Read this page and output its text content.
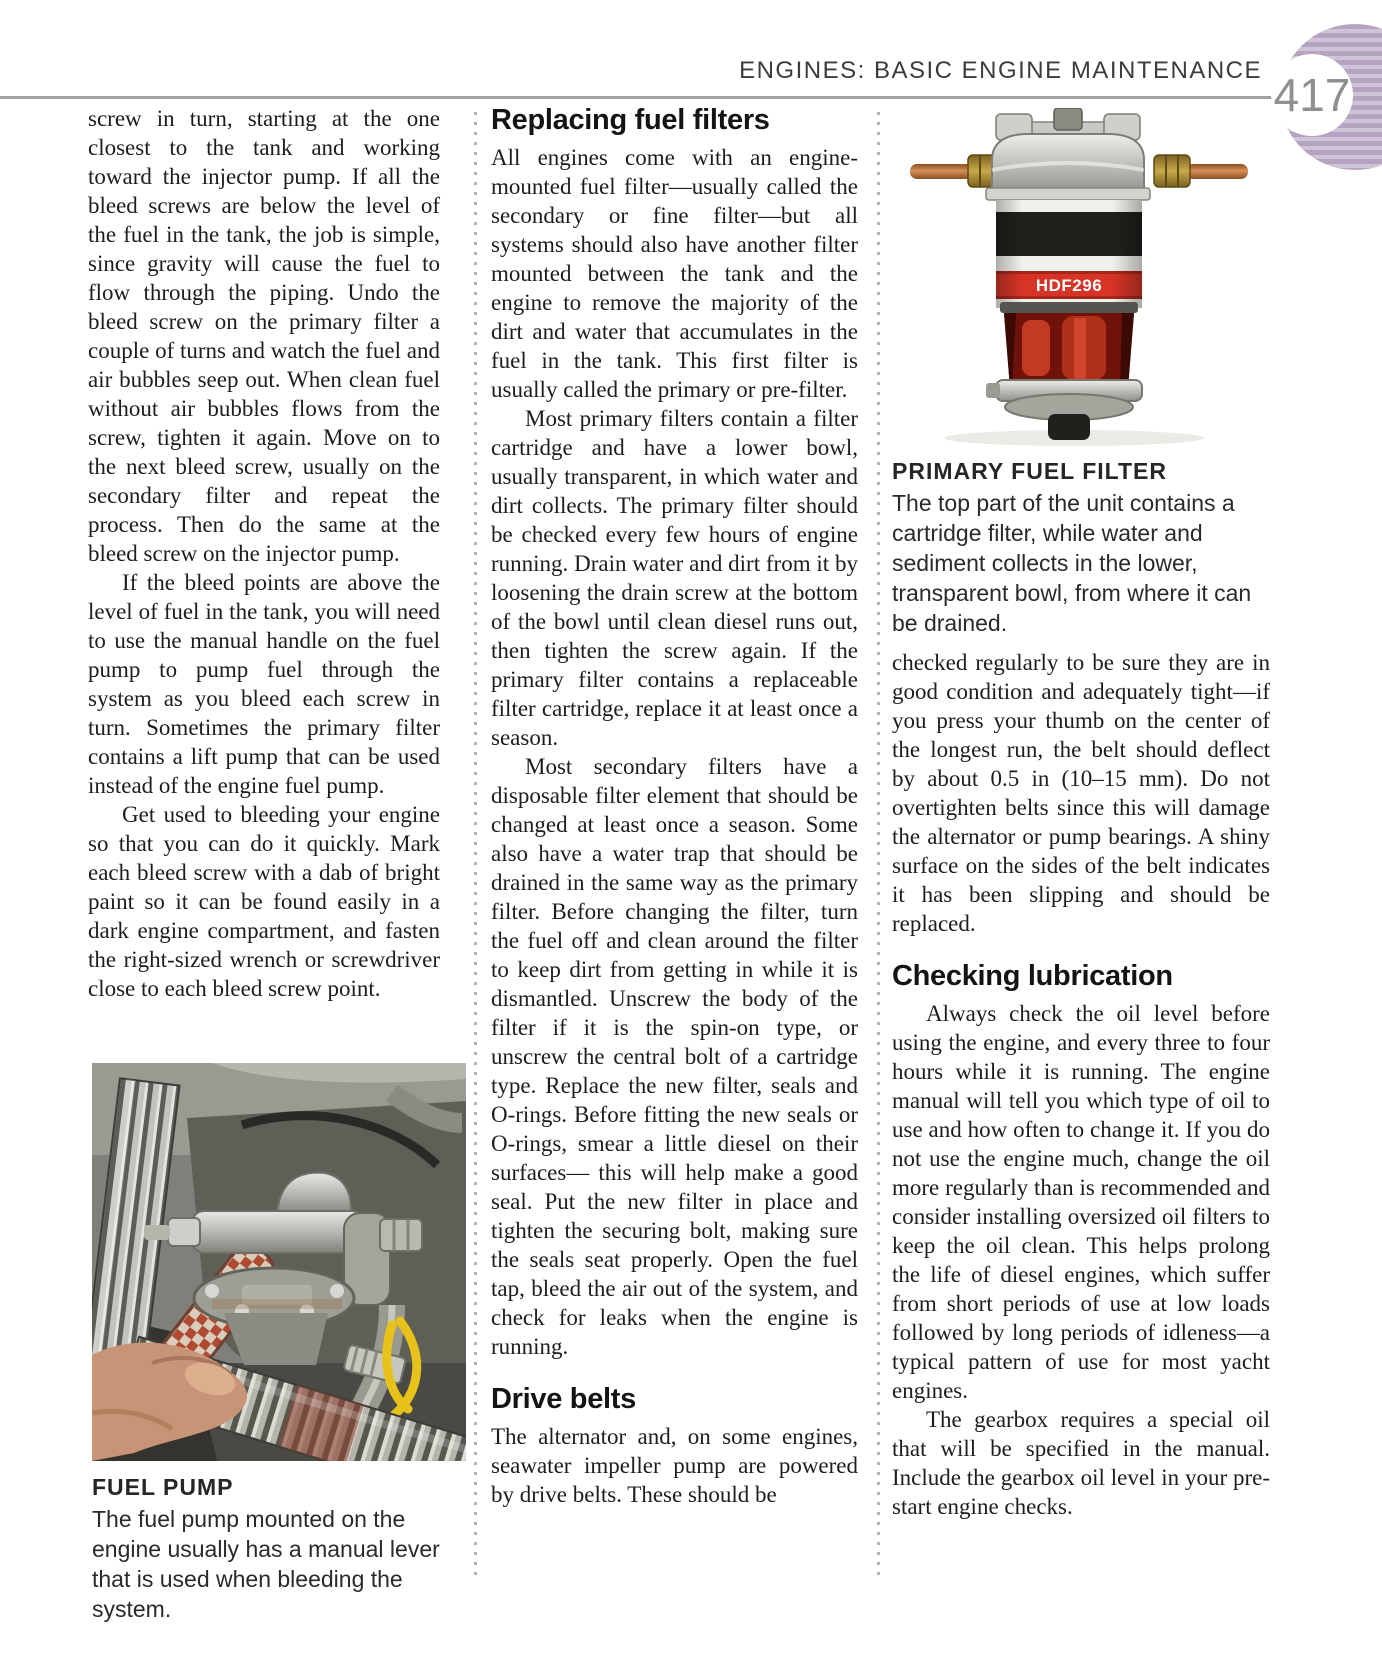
ENGINES: BASIC ENGINE MAINTENANCE 417

screw in turn, starting at the one closest to the tank and working toward the injector pump. If all the bleed screws are below the level of the fuel in the tank, the job is simple, since gravity will cause the fuel to flow through the piping. Undo the bleed screw on the primary filter a couple of turns and watch the fuel and air bubbles seep out. When clean fuel without air bubbles flows from the screw, tighten it again. Move on to the next bleed screw, usually on the secondary filter and repeat the process. Then do the same at the bleed screw on the injector pump.

If the bleed points are above the level of fuel in the tank, you will need to use the manual handle on the fuel pump to pump fuel through the system as you bleed each screw in turn. Sometimes the primary filter contains a lift pump that can be used instead of the engine fuel pump.

Get used to bleeding your engine so that you can do it quickly. Mark each bleed screw with a dab of bright paint so it can be found easily in a dark engine compartment, and fasten the right-sized wrench or screwdriver close to each bleed screw point.

FUEL PUMP
The fuel pump mounted on the engine usually has a manual lever that is used when bleeding the system.
Replacing fuel filters

All engines come with an engine-mounted fuel filter—usually called the secondary or fine filter—but all systems should also have another filter mounted between the tank and the engine to remove the majority of the dirt and water that accumulates in the fuel in the tank. This first filter is usually called the primary or pre-filter.

Most primary filters contain a filter cartridge and have a lower bowl, usually transparent, in which water and dirt collects. The primary filter should be checked every few hours of engine running. Drain water and dirt from it by loosening the drain screw at the bottom of the bowl until clean diesel runs out, then tighten the screw again. If the primary filter contains a replaceable filter cartridge, replace it at least once a season.

Most secondary filters have a disposable filter element that should be changed at least once a season. Some also have a water trap that should be drained in the same way as the primary filter. Before changing the filter, turn the fuel off and clean around the filter to keep dirt from getting in while it is dismantled. Unscrew the body of the filter if it is the spin-on type, or unscrew the central bolt of a cartridge type. Replace the new filter, seals and O-rings. Before fitting the new seals or O-rings, smear a little diesel on their surfaces— this will help make a good seal. Put the new filter in place and tighten the securing bolt, making sure the seals seat properly. Open the fuel tap, bleed the air out of the system, and check for leaks when the engine is running.

Drive belts

The alternator and, on some engines, seawater impeller pump are powered by drive belts. These should be

HDF296
PRIMARY FUEL FILTER
The top part of the unit contains a cartridge filter, while water and sediment collects in the lower, transparent bowl, from where it can be drained.

checked regularly to be sure they are in good condition and adequately tight—if you press your thumb on the center of the longest run, the belt should deflect by about 0.5 in (10–15 mm). Do not overtighten belts since this will damage the alternator or pump bearings. A shiny surface on the sides of the belt indicates it has been slipping and should be replaced.

Checking lubrication

Always check the oil level before using the engine, and every three to four hours while it is running. The engine manual will tell you which type of oil to use and how often to change it. If you do not use the engine much, change the oil more regularly than is recommended and consider installing oversized oil filters to keep the oil clean. This helps prolong the life of diesel engines, which suffer from short periods of use at low loads followed by long periods of idleness—a typical pattern of use for most yacht engines.

The gearbox requires a special oil that will be specified in the manual. Include the gearbox oil level in your pre-start engine checks.
